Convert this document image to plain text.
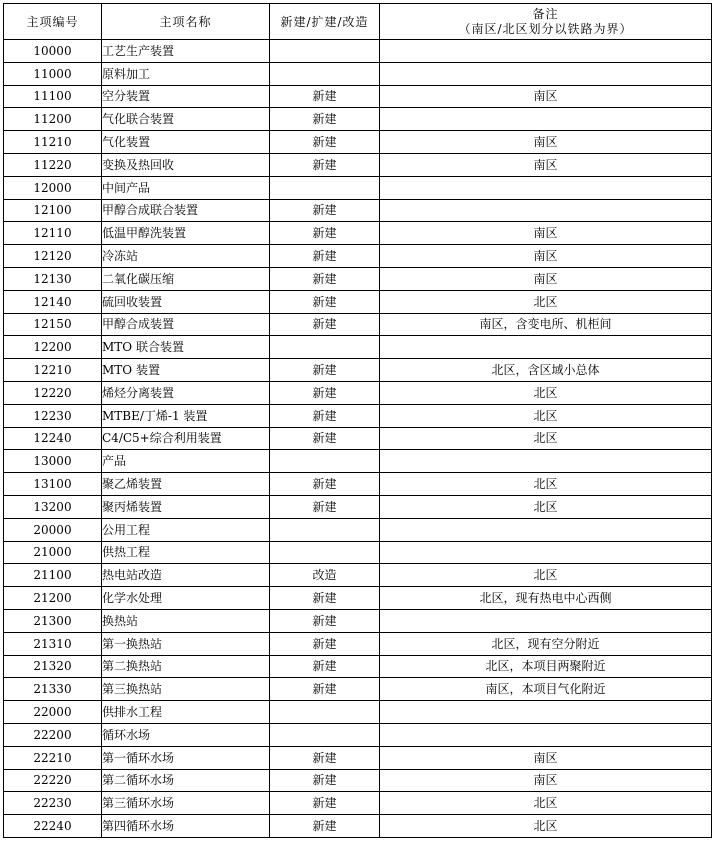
主项编号	主项名称	新建/扩建/改造	备注
（南区/北区划分以铁路为界）

10000	工艺生产装置		
11000	原料加工		
11100	空分装置	新建	南区
11200	气化联合装置	新建	
11210	气化装置	新建	南区
11220	变换及热回收	新建	南区
12000	中间产品		
12100	甲醇合成联合装置	新建	
12110	低温甲醇洗装置	新建	南区
12120	冷冻站	新建	南区
12130	二氧化碳压缩	新建	南区
12140	硫回收装置	新建	北区
12150	甲醇合成装置	新建	南区，含变电所、机柜间
12200	MTO 联合装置		
12210	MTO 装置	新建	北区，含区域小总体
12220	烯烃分离装置	新建	北区
12230	MTBE/丁烯-1 装置	新建	北区
12240	C4/C5+综合利用装置	新建	北区
13000	产品		
13100	聚乙烯装置	新建	北区
13200	聚丙烯装置	新建	北区
20000	公用工程		
21000	供热工程		
21100	热电站改造	改造	北区
21200	化学水处理	新建	北区，现有热电中心西侧
21300	换热站	新建	
21310	第一换热站	新建	北区，现有空分附近
21320	第二换热站	新建	北区，本项目两聚附近
21330	第三换热站	新建	南区，本项目气化附近
22000	供排水工程		
22200	循环水场		
22210	第一循环水场	新建	南区
22220	第二循环水场	新建	南区
22230	第三循环水场	新建	北区
22240	第四循环水场	新建	北区
